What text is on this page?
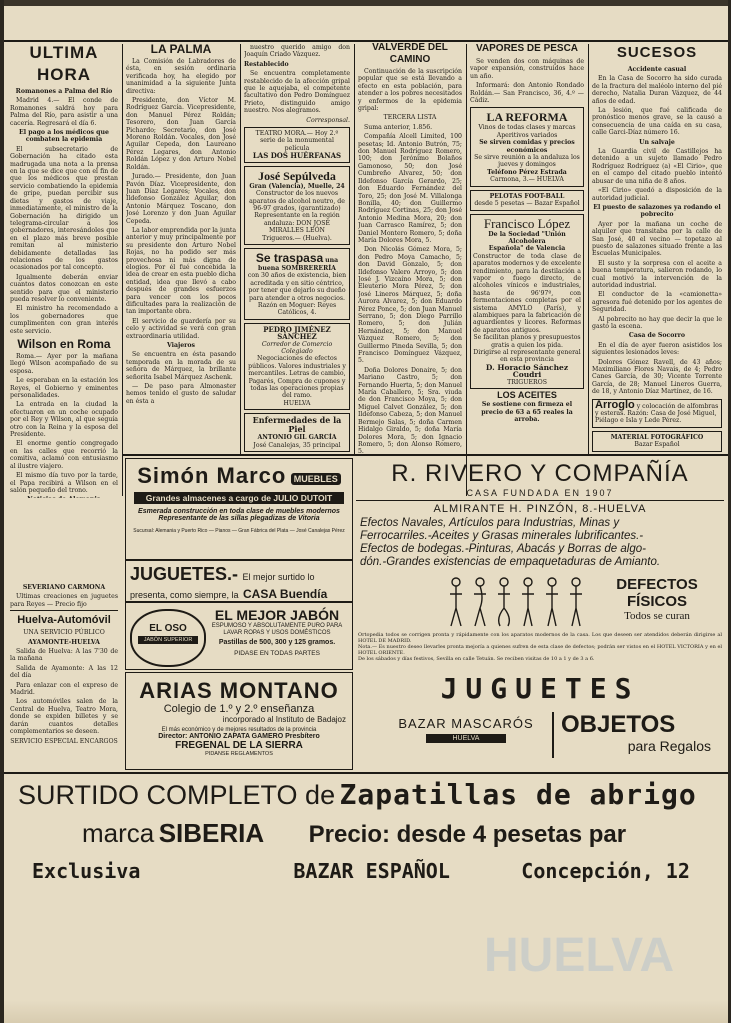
ULTIMA HORA

Romanones a Palma del Río

Madrid 4.— El conde de Romanones saldrá hoy para Palma del Río, para asistir a una cacería. Regresará el día 6.

El pago a los médicos que combaten la epidemia

El subsecretario de Gobernación ha citado esta madrugada una nota a la prensa en la que se dice que con el fin de que los médicos que prestan servicio combatiendo la epidemia de gripe, puedan percibir sus dietas y gastos de viaje, inmediatamente, el ministro de la Gobernación ha dirigido un telegrama-circular a los gobernadores, interesándoles que en el plazo más breve posible remitan al ministerio debidamente detalladas las relaciones de los gastos ocasionados por tal concepto.

Igualmente deberán enviar cuantos datos conozcan en este sentido para que el ministerio pueda resolver lo conveniente.

El ministro ha recomendado a los gobernadores que cumplimenten con gran interés este servicio.

Wilson en Roma

Roma.— Ayer por la mañana llegó Wilson acompañado de su esposa.

Le esperaban en la estación los Reyes, el Gobierno y eminentes personalidades.

La entrada en la ciudad la efectuaron en un coche ocupado por el Rey y Wilson, al que seguía otro con la Reina y la esposa del Presidente.

El enorme gentío congregado en las calles que recorrió la comitiva, aclamó con entusiasmo al ilustre viajero.

El mismo día tuvo por la tarde, el Papa recibirá a Wilson en el salón pequeño del trono.

SEVERIANO CARMONA

Ultimas creaciones en juguetes para Reyes — Precio fijo

Huelva-Automóvil

UNA SERVICIO PÚBLICO

AYAMONTE-HUELVA

Salida de Huelva: A las 7'30 de la mañana

Salida de Ayamonte: A las 12 del día

Para enlazar con el expreso de Madrid.

Los automóviles salen de la Central de Huelva, Teatro Mora, donde se expiden billetes y se darán cuantos detalles complementarios se deseen.

SERVICIO ESPECIAL ENCARGOS

LA PALMA

La Comisión de Labradores de ésta, en sesión ordinaria verificada hoy, ha elegido por unanimidad a la siguiente Junta directiva:

Presidente, don Víctor M. Rodríguez García. Vicepresidente, don Manuel Pérez Roldán; Tesorero, don Juan García Pichardo; Secretario, don José Moreno Roldán. Vocales, don José Aguilar Cepeda, don Laureano Pérez Legares, don Antonio Roldán López y don Arturo Nobel Roldán.

Jurado.— Presidente, don Juan Pavón Díaz. Vicepresidente, don Juan Díaz Legares; Vocales, don Ildefonso González Aguilar, don Antonio Márquez Toscano, don José Lorenzo y don Juan Aguilar Cepeda.

La labor emprendida por la junta anterior y muy principalmente por su presidente don Arturo Nobel Rojas, no ha podido ser más provechosa ni más digna de elogios. Por él fué concebida la idea de crear en esta pueblo dicha entidad, idea que llevó a cabo después de grandes esfuerzos para vencer con los pocos dificultades para la realización de tan importante obra.

El servicio de guardería por su celo y actividad se verá con gran extraordinaria utilidad.

Viajeros

Se encuentra en ésta pasando temporada en la morada de su señora de Márquez, la brillante señorita Isabel Márquez Aschenk.

— De paso para Almonaster hemos tenido el gusto de saludar en ésta a

nuestro querido amigo don Joaquín Criado Vázquez.

Restablecido

Se encuentra completamente restablecido de la afección gripal que le aquejaba, el competente facultativo don Pedro Domínguez Prieto, distinguido amigo nuestro. Nos alegramos.

Corresponsal.

TEATRO MORA.— Hoy 2.º serie de la monumental película
LAS DOS HUÉRFANAS
José Sepúlveda
Gran (Valencia), Muelle, 24
Constructor de los nuevos aparatos de alcohol neutro, de 96-97 grados, (garantizado)
Representante en la región andaluza: DON JOSÉ MIRALLES LEÓN
Trigueros.— (Huelva).
Se traspasa una buena SOMBRERERÍA
con 30 años de existencia, bien acreditada y en sitio céntrico, por tener que dejarlo su dueño para atender a otros negocios.
Razón en Moguer: Reyes Católicos, 4.
PEDRO JIMÉNEZ SÁNCHEZ
Corredor de Comercio Colegiado
Negociaciones de efectos públicos. Valores industriales y mercantiles. Letras de cambio, Pagarés, Compra de cupones y todas las operaciones propias del ramo.
HUELVA
Enfermedades de la Piel
ANTONIO GIL GARCÍA
José Canalejas, 35 principal
VALVERDE DEL CAMINO

Continuación de la suscripción popular que se está llevando a efecto en esta población, para atender a los pobres necesitados y enfermos de la epidemia gripal:

TERCERA LISTA

Suma anterior, 1.856.

Compañía Alcell Limited, 100 pesetas; Id. Antonio Butrón, 75; don Manuel Rodríguez Romero, 100; don Jerónimo Bolaños Gamonoso, 50; don José Cumbreño Alvarez, 50; don Ildefonso García Gerardo, 25; don Eduardo Fernández del Toro, 25; don José M. Villalonga Bonilla, 40; don Guillermo Rodríguez Cortinas, 25; don José Antonio Medina Mora, 20; don Juan Carrasco Ramírez, 5; don Daniel Montero Romero, 5; doña María Dolores Mora, 5.

Don Nicolás Gómez Mora, 5; don Pedro Moya Camacho, 5; don David Gonzalo, 5; don Ildefonso Valero Arroyo, 5; don José J. Vizcaíno Mora, 5; don Eleuterio Mora Pérez, 5; don José Lineros Márquez, 5; doña Aurora Alvarez, 5; don Eduardo Pérez Ponce, 5; don Juan Manuel Serrano, 5; don Diego Parrillo Romero, 5; don Julián Hernández, 5; don Manuel Vázquez Romero, 5; don Guillermo Pineda Sevilla, 5; don Francisco Domínguez Vázquez, 5.

Doña Dolores Donaire, 5; don Mariano Castro, 5; don Fernando Huerta, 5; don Manuel María Caballero, 5; Sra. viuda de don Francisco Moya, 5; don Miguel Calvet González, 5; don Ildefonso Cabeza, 5; don Manuel Bermejo Salas, 5; doña Carmen Hidalgo Giraldo, 5; doña María Dolores Mora, 5; don Ignacio Romero, 5; don Alonso Romero, 5.

VAPORES DE PESCA

Se venden dos con máquinas de vapor expansión, construidos hace un año.

Informará: don Antonio Rondado Roldán.— San Francisco, 36, 4.º — Cádiz.

LA REFORMA
Vinos de todas clases y marcas
Aperitivos variados
Se sirven comidas y precios económicos
Se sirve reunión a la andaluza los jueves y domingos
Teléfono Pérez Estrada
Carmona, 3.— HUELVA
PELOTAS FOOT-BALL
desde 5 pesetas — Bazar Español
Francisco López
De la Sociedad "Unión Alcoholera
Española" de Valencia
Constructor de toda clase de aparatos modernos y de excelente rendimiento, para la destilación a vapor o fuego directo, de alcoholes vínicos e industriales, hasta de 96'97º, con fermentaciones completas por el sistema AMYLO (París), y alambiques para la fabricación de aguardientes y licores. Reformas de aparatos antiguos.
Se facilitan planos y presupuestos gratis a quien los pida.
Dirigirse al representante general en esta provincia
D. Horacio Sánchez Coudri
TRIGUEROS
LOS ACEITES

Se sostiene con firmeza el precio de 63 a 65 reales la arroba.

SUCESOS

Accidente casual

En la Casa de Socorro ha sido curada de la fractura del maléolo interno del pié derecho, Natalia Duran Vázquez, de 44 años de edad.

La lesión, que fué calificada de pronóstico menos grave, se la causó a consecuencia de una caída en su casa, calle Garci-Díaz número 16.

Un salvaje

La Guardia civil de Castillejos ha detenido a un sujeto llamado Pedro Rodríguez Rodríguez (a) «El Cirio», que en el campo del citado pueblo intentó abusar de una niña de 8 años.

«El Cirio» quedó a disposición de la autoridad judicial.

El puesto de salazones ya rodando el pobrecito

Ayer por la mañana un coche de alquiler que transitaba por la calle de San José, 40 el vecino — topetazo al puesto de salazones situado frente a las Escuelas Municipales.

El susto y la sorpresa con el aceite a buena temperatura, salieron rodando, lo cual motivó la intervención de la autoridad industrial.

El conductor de la «camionetta» agresora fué detenido por los agentes de Seguridad.

Al pobrecito no hay que decir la que le gastó la escena.

Casa de Socorro

En el día de ayer fueron asistidos los siguientes lesionados leves:

Dolores Gómez Ravell, de 43 años; Maximiliano Flores Navais, de 4; Pedro Canes García, de 30; Vicente Torrente García, de 28; Manuel Lineros Guerra, de 18, y Antonio Díaz Martínez, de 16.

Arroglo y colocación de alfombras y esteras. Razón: Casa de José Miguel, Piélago e Isla y Lede Pérez.
MATERIAL FOTOGRÁFICO
Bazar Español
Simón Marco MUEBLES
Grandes almacenes a cargo de JULIO DUTOIT
Esmerada construcción en toda clase de muebles modernos
Representante de las sillas plegadizas de Vitoria
Sucursal: Alemania y Puerto Rico — Pianos — Gran Fábrica del Plata — José Canalejas Pérez
R. RIVERO Y COMPAÑÍA
CASA FUNDADA EN 1907
ALMIRANTE H. PINZÓN, 8.-HUELVA
Efectos Navales, Artículos para Industrias, Minas y
Ferrocarriles.-Aceites y Grasas minerales lubrificantes.-
Efectos de bodegas.-Pinturas, Abacás y Borras de algo-
dón.-Grandes existencias de empaquetaduras de Amianto.
JUGUETES.- El mejor surtido lo presenta, como siempre, la CASA Buendía
EL OSO
JABÓN SUPERIOR
EL MEJOR JABÓN
ESPUMOSO Y ABSOLUTAMENTE PURO PARA LAVAR ROPAS Y USOS DOMÉSTICOS
Pastillas de 500, 300 y 125 gramos.
PIDASE EN TODAS PARTES
DEFECTOS FÍSICOS
Todos se curan
Ortopedia todos se corrigen pronta y rápidamente con los aparatos modernos de la casa. Los que deseen ser atendidos deberán dirigirse al HOTEL DE MADRID.
Nota.— Es nuestro deseo llevarles pronta mejoría a quienes sufren de esta clase de defectos; podrán ser vistos en el HOTEL VICTORIA y en el HOTEL ORIENTE.
De los sábados y días festivos, Sevilla en calle Tetuán. Se reciben visitas de 10 a 1 y de 3 a 6.
ARIAS MONTANO
Colegio de 1.º y 2.º enseñanza
incorporado al Instituto de Badajoz
El más económico y de mejores resultados de la provincia
Director: ANTONIO ZAPATA GAMERO Presbítero
FREGENAL DE LA SIERRA
PIDANSE REGLAMENTOS
JUGUETES
BAZAR MASCARÓS
HUELVA
OBJETOS
para Regalos
SURTIDO COMPLETO de Zapatillas de abrigo
marca SIBERIA Precio: desde 4 pesetas par
Exclusiva	BAZAR ESPAÑOL	Concepción, 12
HUELVA
